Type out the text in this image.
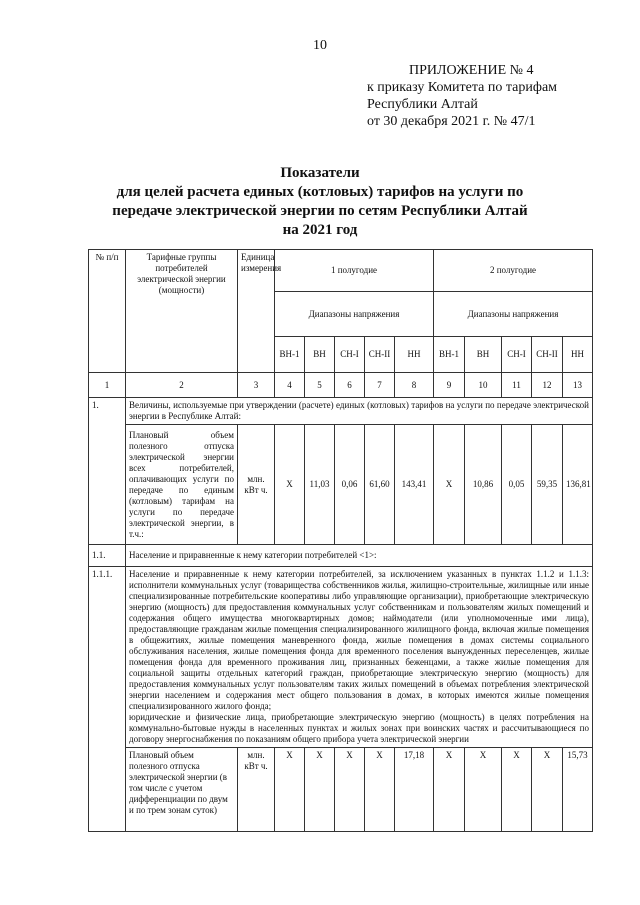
10
ПРИЛОЖЕНИЕ № 4
к приказу Комитета по тарифам
Республики Алтай
от 30 декабря 2021 г. № 47/1
Показатели
для целей расчета единых (котловых) тарифов на услуги по
передаче электрической энергии по сетям Республики Алтай
на 2021 год
№ п/п	Тарифные группы потребителей электрической энергии (мощности)	Единица измерения	1 полугодие					2 полугодие				
			Диапазоны напряжения					Диапазоны напряжения				
			ВН-1	ВН	СН-I	СН-II	НН	ВН-1	ВН	СН-I	СН-II	НН
1	2	3	4	5	6	7	8	9	10	11	12	13
1.	Величины, используемые при утверждении (расчете) единых (котловых) тарифов на услуги по передаче электрической энергии в Республике Алтай:											
	Плановый объем полезного отпуска электрической энергии всех потребителей, оплачивающих услуги по передаче по единым (котловым) тарифам на услуги по передаче электрической энергии, в т.ч.:	млн. кВт ч.	Х	11,03	0,06	61,60	143,41	Х	10,86	0,05	59,35	136,81
1.1.	Население и приравненные к нему категории потребителей <1>:											
1.1.1.	Население и приравненные к нему категории потребителей, за исключением указанных в пунктах 1.1.2 и 1.1.3: исполнители коммунальных услуг (товарищества собственников жилья, жилищно-строительные, жилищные или иные специализированные потребительские кооперативы либо управляющие организации), приобретающие электрическую энергию (мощность) для предоставления коммунальных услуг собственникам и пользователям жилых помещений и содержания общего имущества многоквартирных домов; наймодатели (или уполномоченные ими лица), предоставляющие гражданам жилые помещения специализированного жилищного фонда, включая жилые помещения в общежитиях, жилые помещения маневренного фонда, жилые помещения в домах системы социального обслуживания населения, жилые помещения фонда для временного поселения вынужденных переселенцев, жилые помещения фонда для временного проживания лиц, признанных беженцами, а также жилые помещения для социальной защиты отдельных категорий граждан, приобретающие электрическую энергию (мощность) для предоставления коммунальных услуг пользователям таких жилых помещений в объемах потребления электрической энергии населением и содержания мест общего пользования в домах, в которых имеются жилые помещения специализированного жилого фонда;
юридические и физические лица, приобретающие электрическую энергию (мощность) в целях потребления на коммунально-бытовые нужды в населенных пунктах и жилых зонах при воинских частях и рассчитывающиеся по договору энергоснабжения по показаниям общего прибора учета электрической энергии											

	Плановый объем полезного отпуска электрической энергии (в том числе с учетом дифференциации по двум и по трем зонам суток)	млн. кВт ч.	Х	Х	Х	Х	17,18	Х	Х	Х	Х	15,73
